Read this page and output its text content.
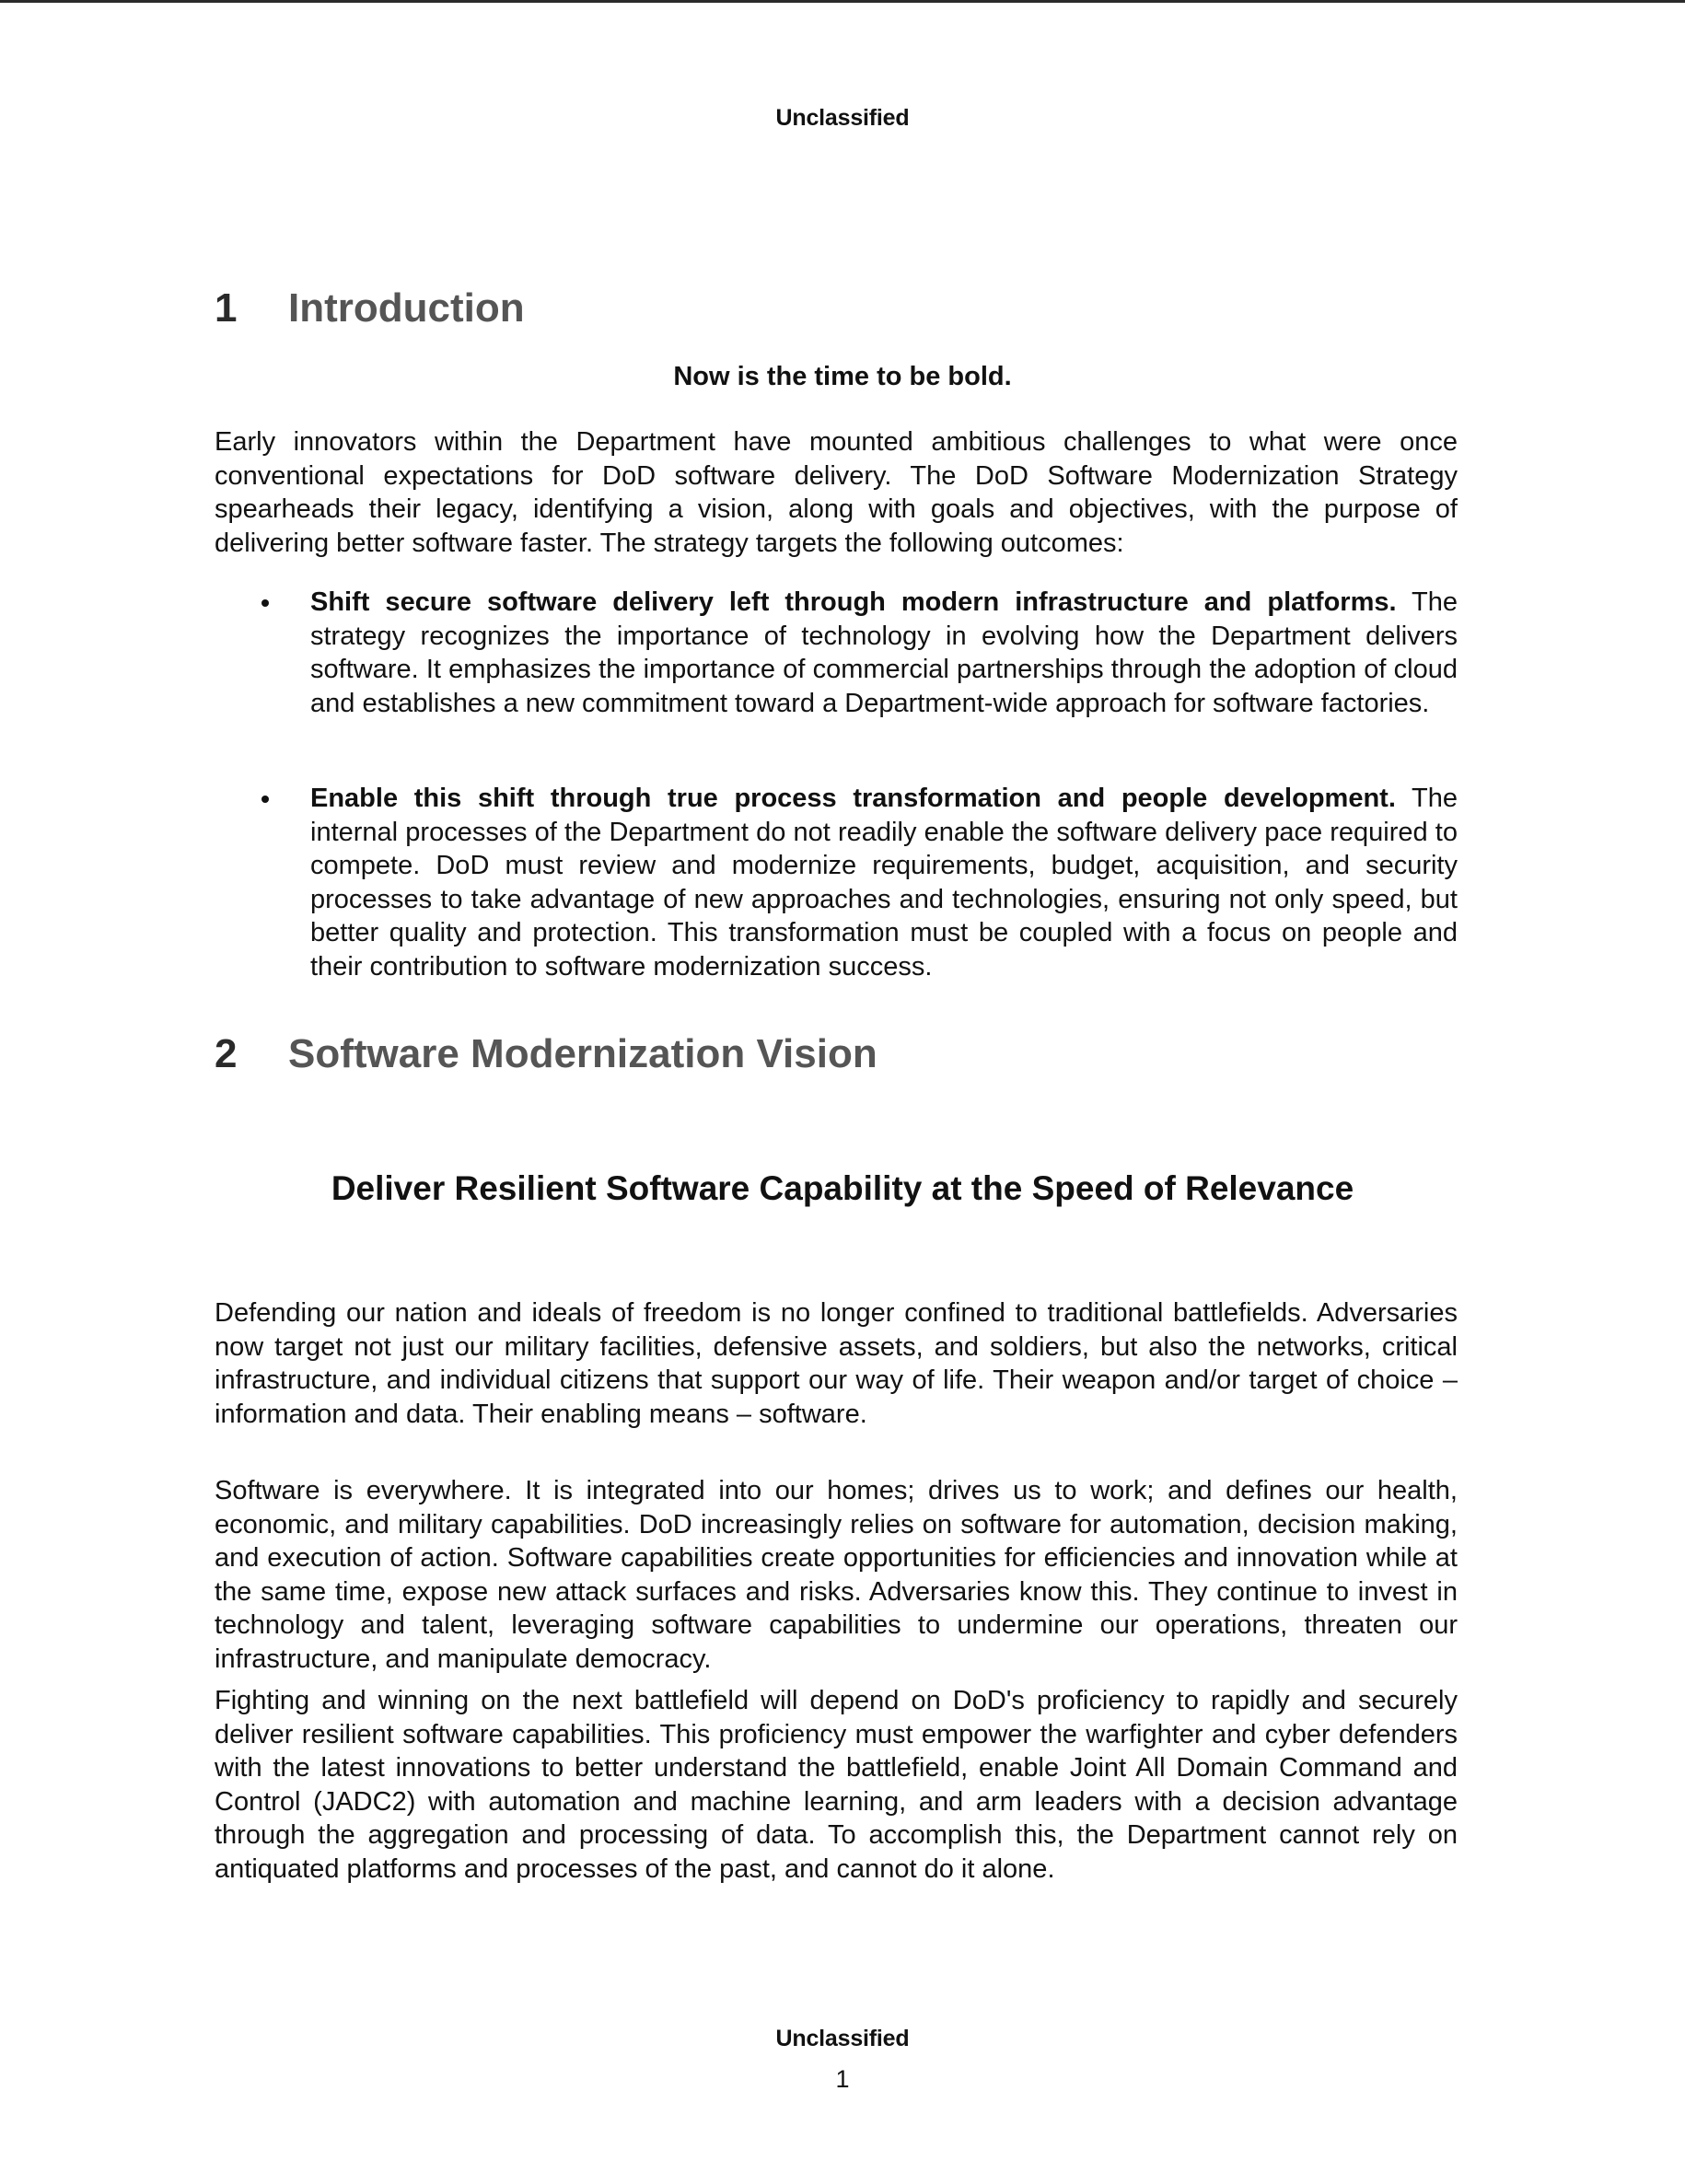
Unclassified
1 Introduction
Now is the time to be bold.

Early innovators within the Department have mounted ambitious challenges to what were once conventional expectations for DoD software delivery. The DoD Software Modernization Strategy spearheads their legacy, identifying a vision, along with goals and objectives, with the purpose of delivering better software faster. The strategy targets the following outcomes:

Shift secure software delivery left through modern infrastructure and platforms. The strategy recognizes the importance of technology in evolving how the Department delivers software. It emphasizes the importance of commercial partnerships through the adoption of cloud and establishes a new commitment toward a Department-wide approach for software factories.

Enable this shift through true process transformation and people development. The internal processes of the Department do not readily enable the software delivery pace required to compete. DoD must review and modernize requirements, budget, acquisition, and security processes to take advantage of new approaches and technologies, ensuring not only speed, but better quality and protection. This transformation must be coupled with a focus on people and their contribution to software modernization success.

2 Software Modernization Vision
Deliver Resilient Software Capability at the Speed of Relevance

Defending our nation and ideals of freedom is no longer confined to traditional battlefields. Adversaries now target not just our military facilities, defensive assets, and soldiers, but also the networks, critical infrastructure, and individual citizens that support our way of life. Their weapon and/or target of choice – information and data. Their enabling means – software.

Software is everywhere. It is integrated into our homes; drives us to work; and defines our health, economic, and military capabilities. DoD increasingly relies on software for automation, decision making, and execution of action. Software capabilities create opportunities for efficiencies and innovation while at the same time, expose new attack surfaces and risks. Adversaries know this. They continue to invest in technology and talent, leveraging software capabilities to undermine our operations, threaten our infrastructure, and manipulate democracy.

Fighting and winning on the next battlefield will depend on DoD's proficiency to rapidly and securely deliver resilient software capabilities. This proficiency must empower the warfighter and cyber defenders with the latest innovations to better understand the battlefield, enable Joint All Domain Command and Control (JADC2) with automation and machine learning, and arm leaders with a decision advantage through the aggregation and processing of data. To accomplish this, the Department cannot rely on antiquated platforms and processes of the past, and cannot do it alone.

Unclassified
1
